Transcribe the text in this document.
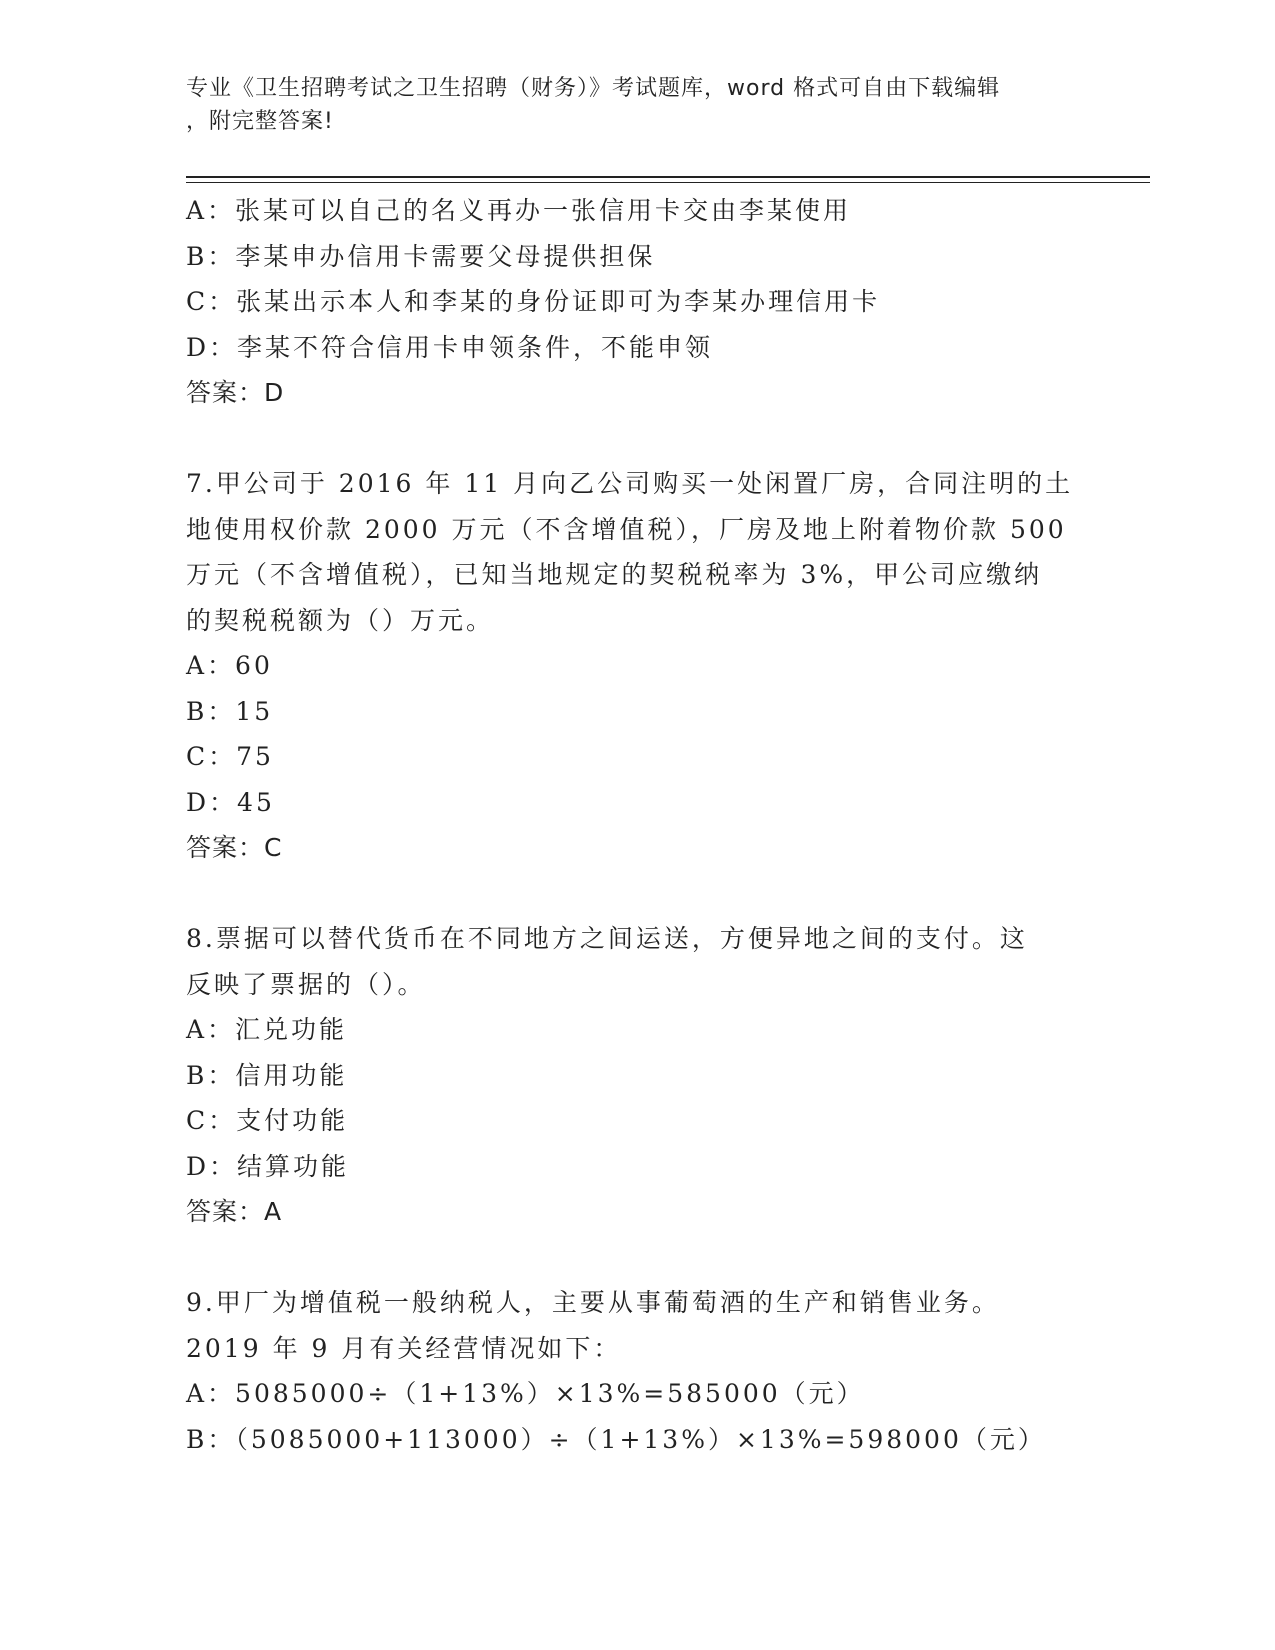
专业《卫生招聘考试之卫生招聘（财务）》考试题库，word 格式可自由下载编辑
，附完整答案!
A：张某可以自己的名义再办一张信用卡交由李某使用
B：李某申办信用卡需要父母提供担保
C：张某出示本人和李某的身份证即可为李某办理信用卡
D：李某不符合信用卡申领条件，不能申领
答案：D
7.甲公司于 2016 年 11 月向乙公司购买一处闲置厂房，合同注明的土
地使用权价款 2000 万元（不含增值税），厂房及地上附着物价款 500
万元（不含增值税），已知当地规定的契税税率为 3%，甲公司应缴纳
的契税税额为（）万元。
A：60
B：15
C：75
D：45
答案：C
8.票据可以替代货币在不同地方之间运送，方便异地之间的支付。这
反映了票据的（）。
A：汇兑功能
B：信用功能
C：支付功能
D：结算功能
答案：A
9.甲厂为增值税一般纳税人，主要从事葡萄酒的生产和销售业务。
2019 年 9 月有关经营情况如下：
A：5085000÷（1+13%）×13%=585000（元）
B：（5085000+113000）÷（1+13%）×13%=598000（元）
